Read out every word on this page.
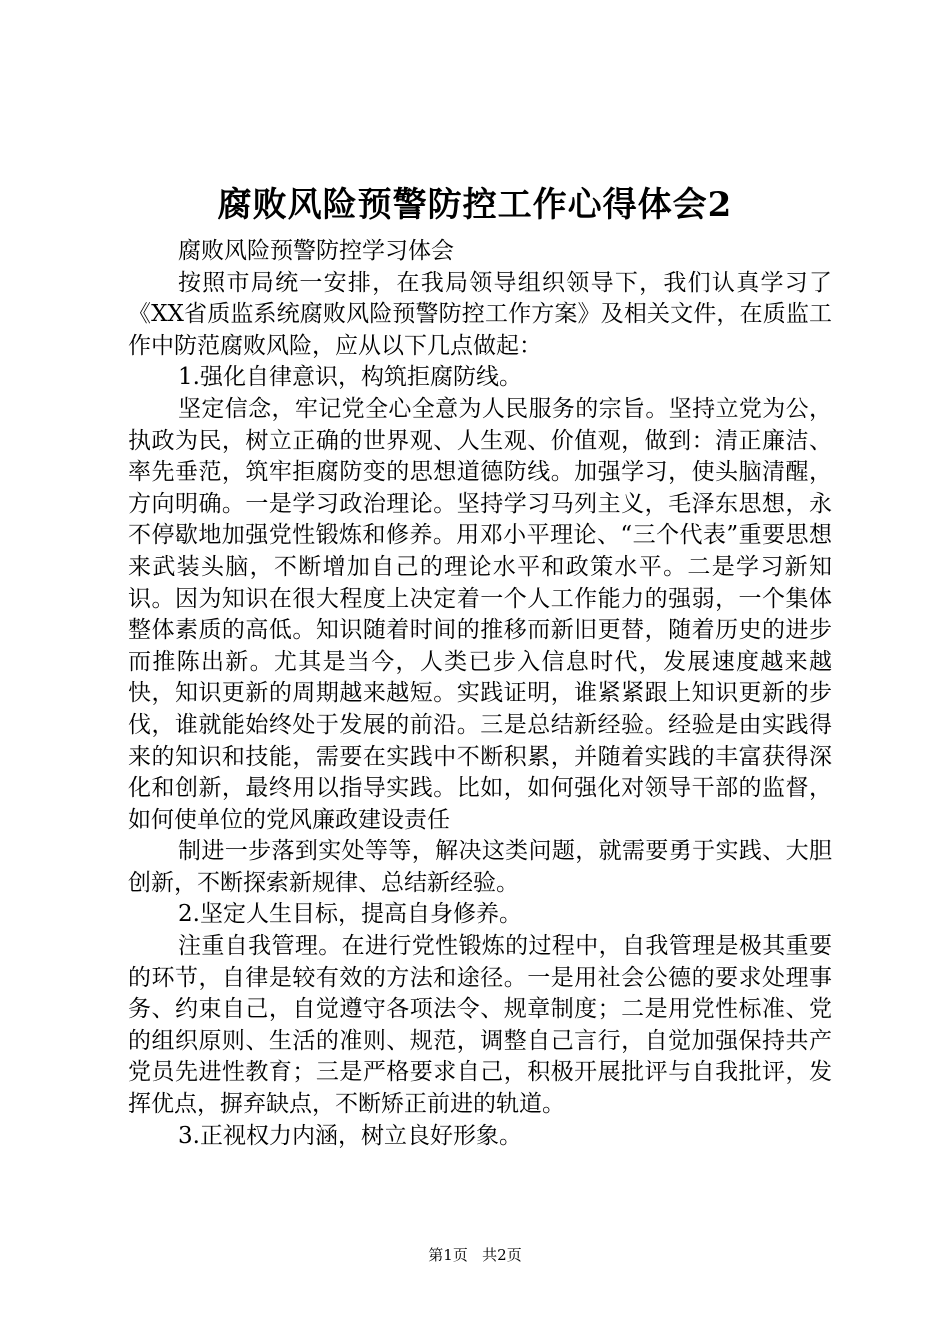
腐败风险预警防控工作心得体会2

腐败风险预警防控学习体会

按照市局统一安排，在我局领导组织领导下，我们认真学习了《XX省质监系统腐败风险预警防控工作方案》及相关文件，在质监工作中防范腐败风险，应从以下几点做起：

1.强化自律意识，构筑拒腐防线。

坚定信念，牢记党全心全意为人民服务的宗旨。坚持立党为公，执政为民，树立正确的世界观、人生观、价值观，做到：清正廉洁、率先垂范，筑牢拒腐防变的思想道德防线。加强学习，使头脑清醒，方向明确。一是学习政治理论。坚持学习马列主义，毛泽东思想，永不停歇地加强党性锻炼和修养。用邓小平理论、“三个代表”重要思想来武装头脑，不断增加自己的理论水平和政策水平。二是学习新知识。因为知识在很大程度上决定着一个人工作能力的强弱，一个集体整体素质的高低。知识随着时间的推移而新旧更替，随着历史的进步而推陈出新。尤其是当今，人类已步入信息时代，发展速度越来越快，知识更新的周期越来越短。实践证明，谁紧紧跟上知识更新的步伐，谁就能始终处于发展的前沿。三是总结新经验。经验是由实践得来的知识和技能，需要在实践中不断积累，并随着实践的丰富获得深化和创新，最终用以指导实践。比如，如何强化对领导干部的监督，如何使单位的党风廉政建设责任

制进一步落到实处等等，解决这类问题，就需要勇于实践、大胆创新，不断探索新规律、总结新经验。

2.坚定人生目标，提高自身修养。

注重自我管理。在进行党性锻炼的过程中，自我管理是极其重要的环节，自律是较有效的方法和途径。一是用社会公德的要求处理事务、约束自己，自觉遵守各项法令、规章制度；二是用党性标准、党的组织原则、生活的准则、规范，调整自己言行，自觉加强保持共产党员先进性教育；三是严格要求自己，积极开展批评与自我批评，发挥优点，摒弃缺点，不断矫正前进的轨道。

3.正视权力内涵，树立良好形象。

第1页 共2页
